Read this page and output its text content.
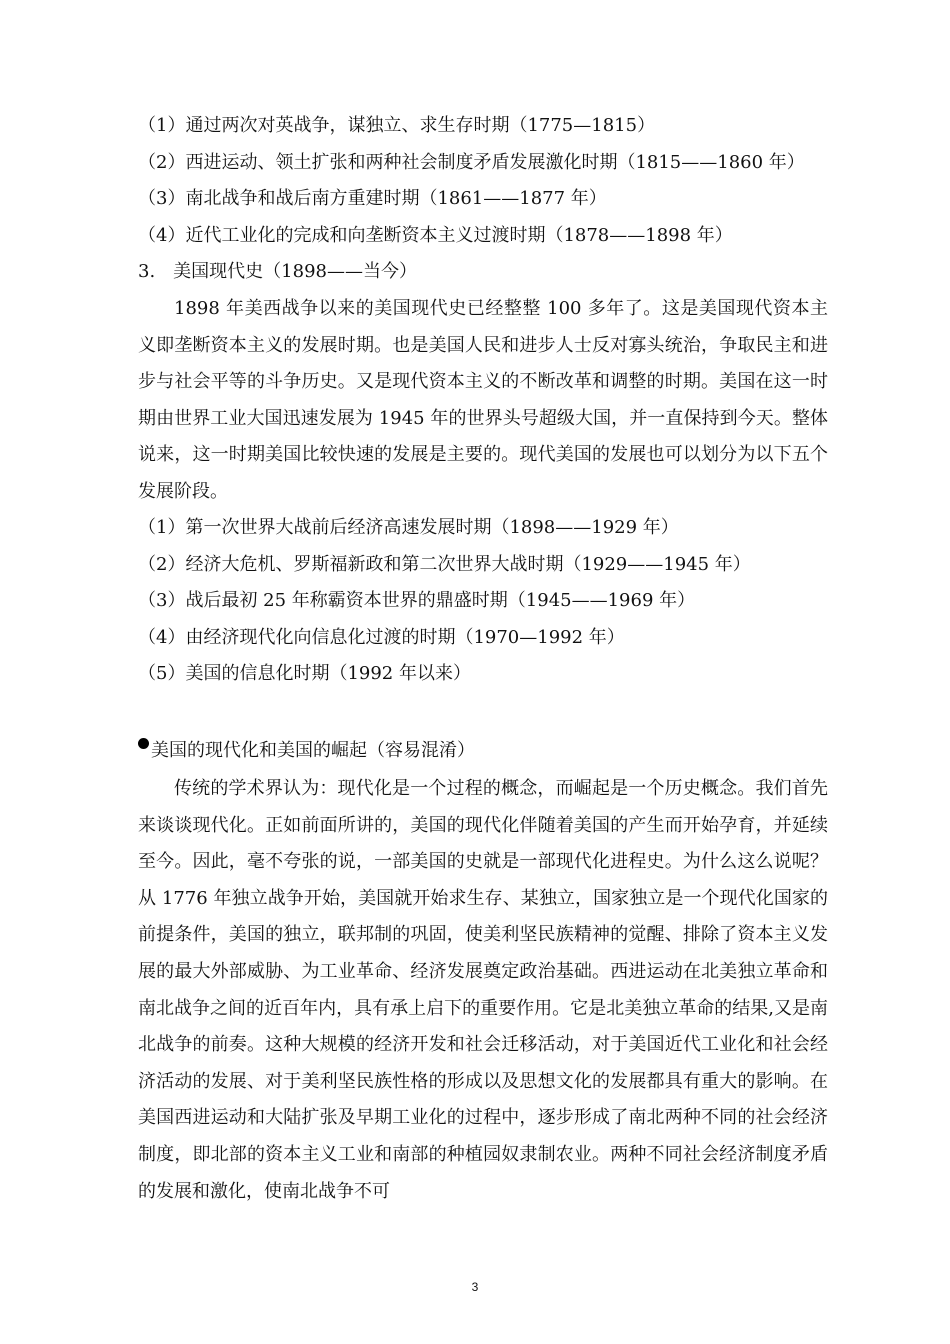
（1）通过两次对英战争，谋独立、求生存时期（1775—1815）
（2）西进运动、领土扩张和两种社会制度矛盾发展激化时期（1815——1860 年）
（3）南北战争和战后南方重建时期（1861——1877 年）
（4）近代工业化的完成和向垄断资本主义过渡时期（1878——1898 年）
3.　美国现代史（1898——当今）
1898 年美西战争以来的美国现代史已经整整 100 多年了。这是美国现代资本主义即垄断资本主义的发展时期。也是美国人民和进步人士反对寡头统治，争取民主和进步与社会平等的斗争历史。又是现代资本主义的不断改革和调整的时期。美国在这一时期由世界工业大国迅速发展为 1945 年的世界头号超级大国，并一直保持到今天。整体说来，这一时期美国比较快速的发展是主要的。现代美国的发展也可以划分为以下五个发展阶段。
（1）第一次世界大战前后经济高速发展时期（1898——1929 年）
（2）经济大危机、罗斯福新政和第二次世界大战时期（1929——1945 年）
（3）战后最初 25 年称霸资本世界的鼎盛时期（1945——1969 年）
（4）由经济现代化向信息化过渡的时期（1970—1992 年）
（5）美国的信息化时期（1992 年以来）
美国的现代化和美国的崛起（容易混淆）
传统的学术界认为：现代化是一个过程的概念，而崛起是一个历史概念。我们首先来谈谈现代化。正如前面所讲的，美国的现代化伴随着美国的产生而开始孕育，并延续至今。因此，毫不夸张的说，一部美国的史就是一部现代化进程史。为什么这么说呢？从 1776 年独立战争开始，美国就开始求生存、某独立，国家独立是一个现代化国家的前提条件，美国的独立，联邦制的巩固，使美利坚民族精神的觉醒、排除了资本主义发展的最大外部威胁、为工业革命、经济发展奠定政治基础。西进运动在北美独立革命和南北战争之间的近百年内，具有承上启下的重要作用。它是北美独立革命的结果,又是南北战争的前奏。这种大规模的经济开发和社会迁移活动，对于美国近代工业化和社会经济活动的发展、对于美利坚民族性格的形成以及思想文化的发展都具有重大的影响。在美国西进运动和大陆扩张及早期工业化的过程中，逐步形成了南北两种不同的社会经济制度，即北部的资本主义工业和南部的种植园奴隶制农业。两种不同社会经济制度矛盾的发展和激化，使南北战争不可
3
